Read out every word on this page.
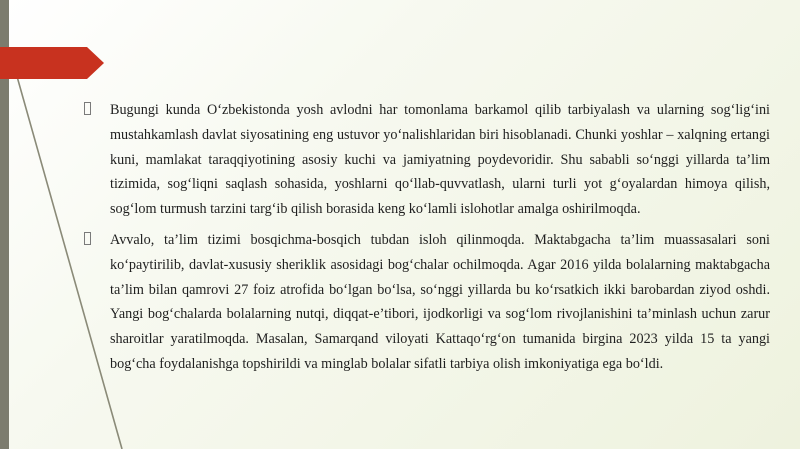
Bugungi kunda O‘zbekistonda yosh avlodni har tomonlama barkamol qilib tarbiyalash va ularning sog‘lig‘ini mustahkamlash davlat siyosatining eng ustuvor yo‘nalishlaridan biri hisoblanadi. Chunki yoshlar – xalqning ertangi kuni, mamlakat taraqqiyotining asosiy kuchi va jamiyatning poydevoridir. Shu sababli so‘nggi yillarda ta’lim tizimida, sog‘liqni saqlash sohasida, yoshlarni qo‘llab-quvvatlash, ularni turli yot g‘oyalardan himoya qilish, sog‘lom turmush tarzini targ‘ib qilish borasida keng ko‘lamli islohotlar amalga oshirilmoqda.

Avvalo, ta’lim tizimi bosqichma-bosqich tubdan isloh qilinmoqda. Maktabgacha ta’lim muassasalari soni ko‘paytirilib, davlat-xususiy sheriklik asosidagi bog‘chalar ochilmoqda. Agar 2016 yilda bolalarning maktabgacha ta’lim bilan qamrovi 27 foiz atrofida bo‘lgan bo‘lsa, so‘nggi yillarda bu ko‘rsatkich ikki barobardan ziyod oshdi. Yangi bog‘chalarda bolalarning nutqi, diqqat-e’tibori, ijodkorligi va sog‘lom rivojlanishini ta’minlash uchun zarur sharoitlar yaratilmoqda. Masalan, Samarqand viloyati Kattaqo‘rg‘on tumanida birgina 2023 yilda 15 ta yangi bog‘cha foydalanishga topshirildi va minglab bolalar sifatli tarbiya olish imkoniyatiga ega bo‘ldi.
